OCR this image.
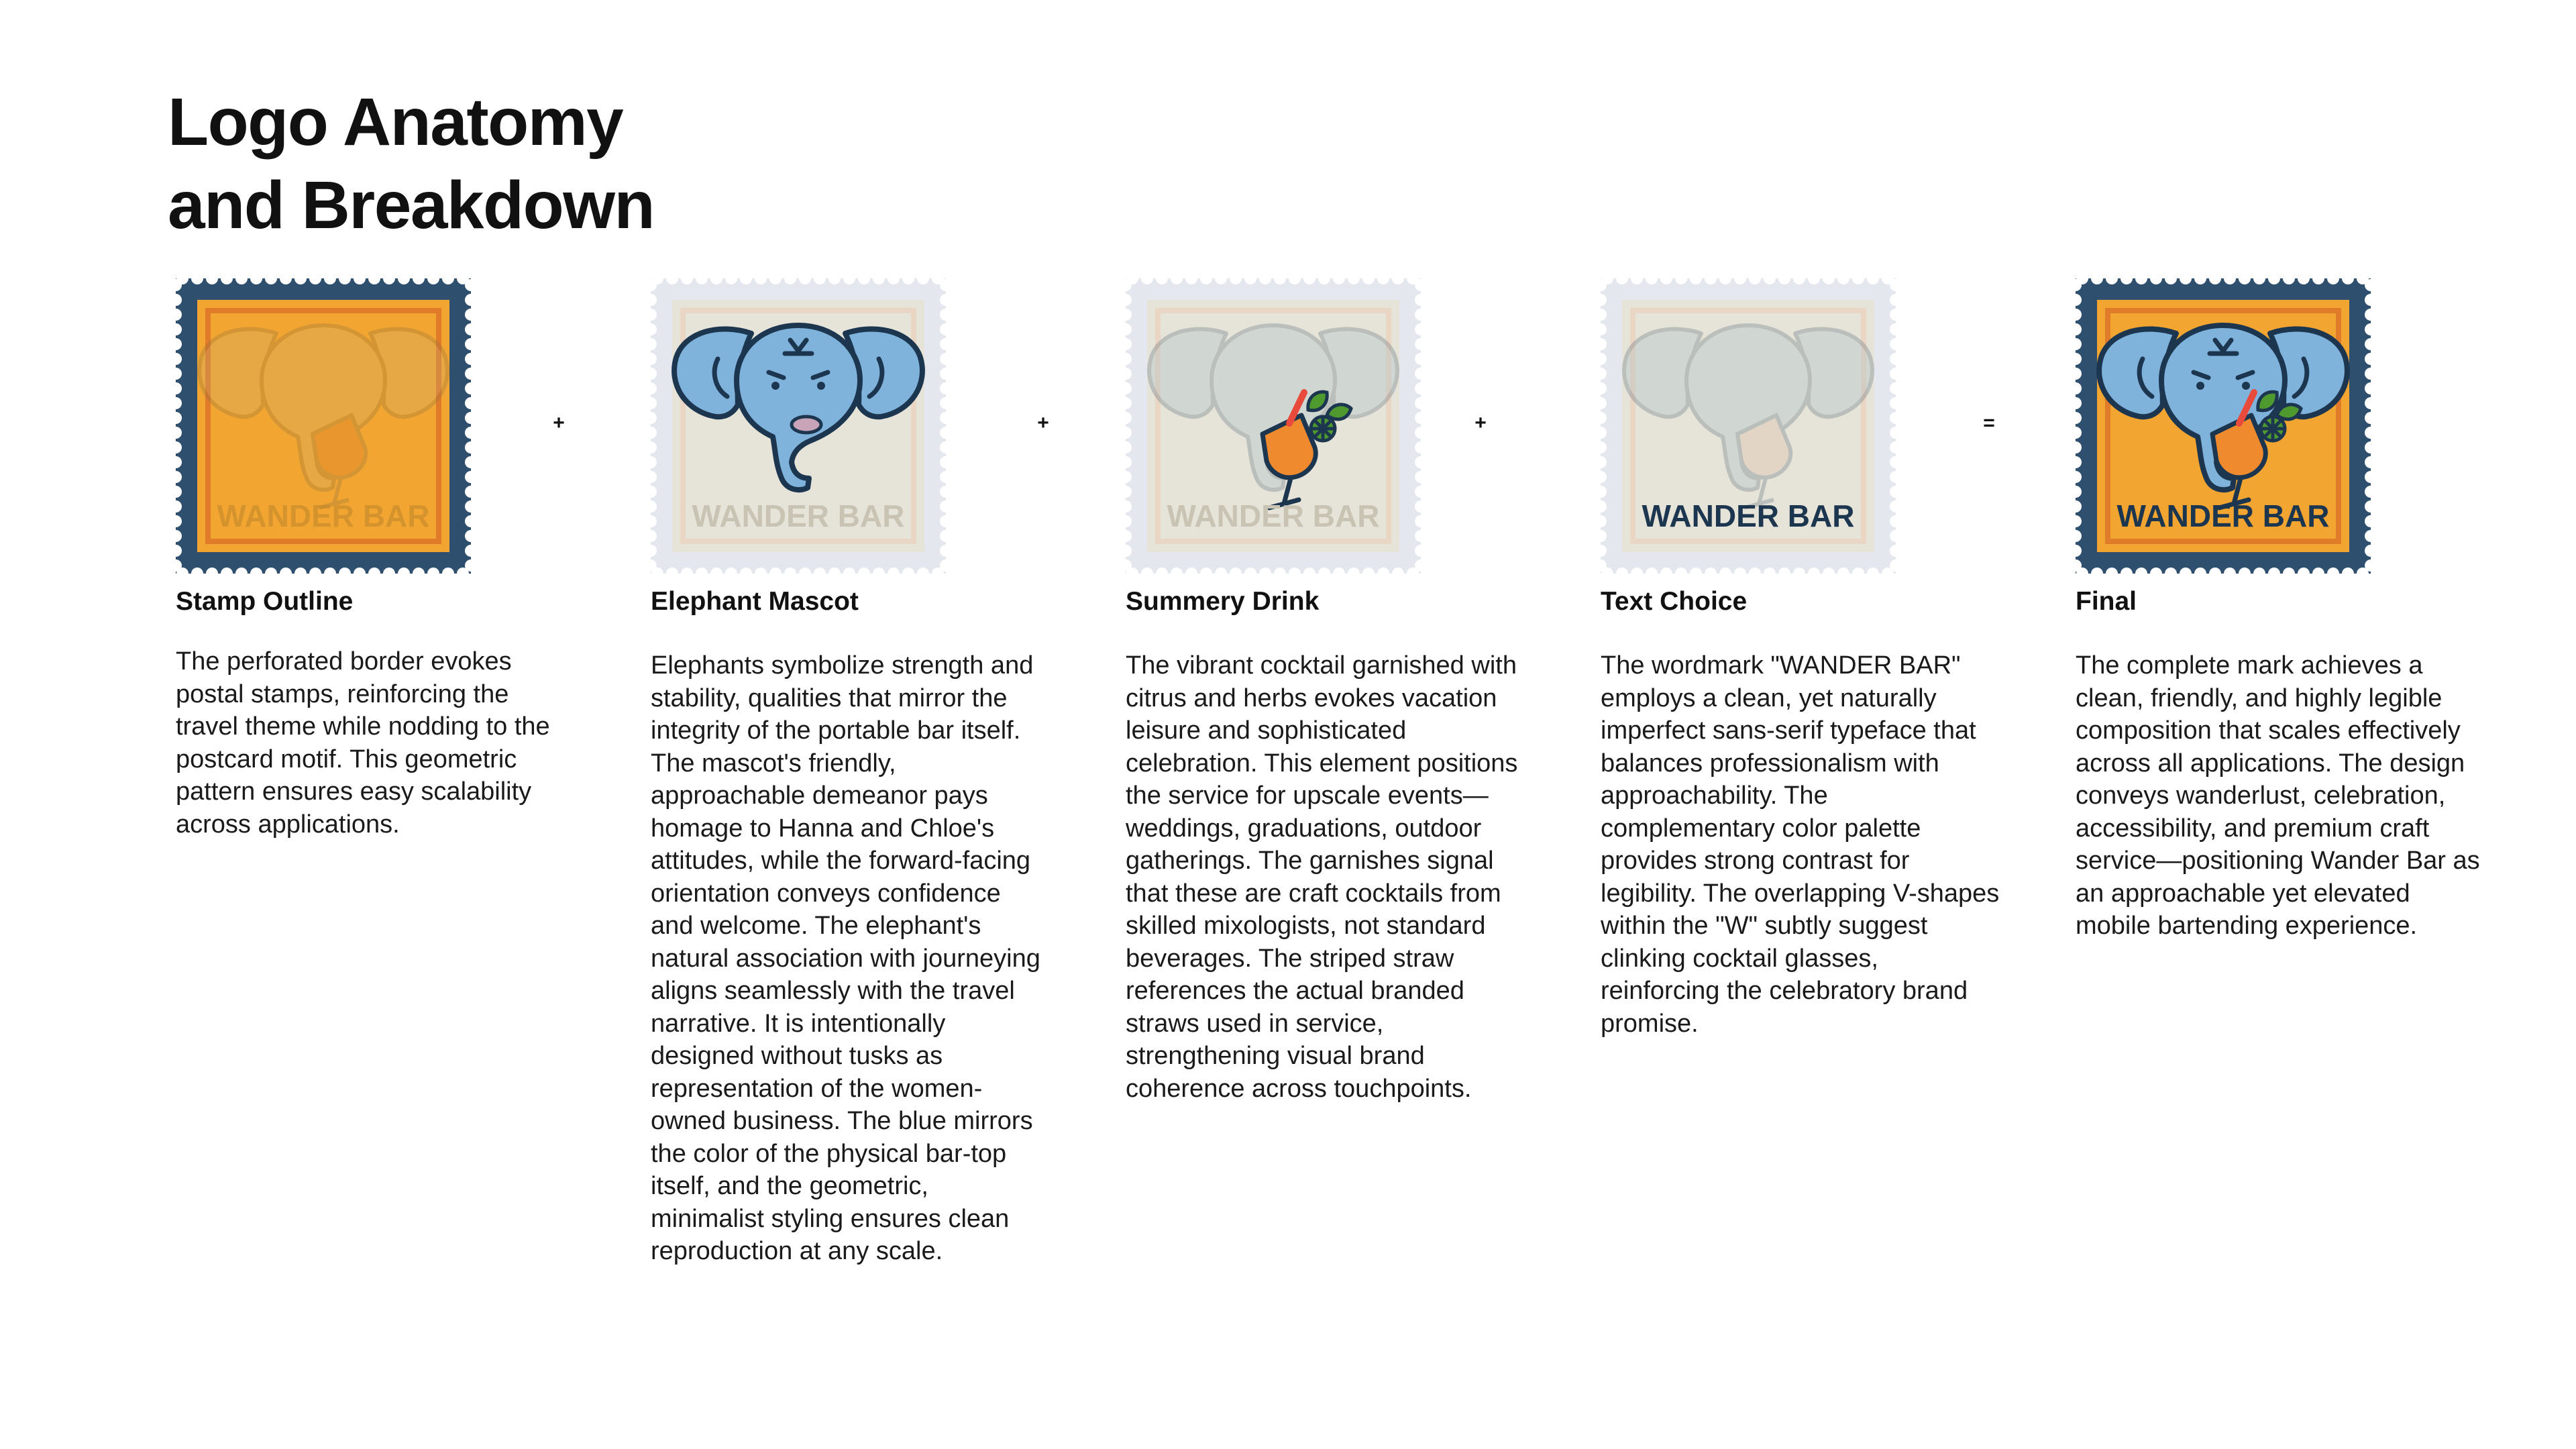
Logo Anatomy
and Breakdown
WANDER BAR
+
WANDER BAR
+
WANDER BAR
+
WANDER BAR
=
WANDER BAR
Stamp Outline	Elephant Mascot	Summery Drink	Text Choice	Final

The perforated border evokes postal stamps, reinforcing the travel theme while nodding to the postcard motif. This geometric pattern ensures easy scalability across applications.

Elephants symbolize strength and stability, qualities that mirror the integrity of the portable bar itself. The mascot's friendly, approachable demeanor pays homage to Hanna and Chloe's attitudes, while the forward-facing orientation conveys confidence and welcome. The elephant's natural association with journeying aligns seamlessly with the travel narrative. It is intentionally designed without tusks as representation of the women-owned business. The blue mirrors the color of the physical bar-top itself, and the geometric, minimalist styling ensures clean reproduction at any scale.

The vibrant cocktail garnished with citrus and herbs evokes vacation leisure and sophisticated celebration. This element positions the service for upscale events—weddings, graduations, outdoor gatherings. The garnishes signal that these are craft cocktails from skilled mixologists, not standard beverages. The striped straw references the actual branded straws used in service, strengthening visual brand coherence across touchpoints.

The wordmark "WANDER BAR" employs a clean, yet naturally imperfect sans-serif typeface that balances professionalism with approachability. The complementary color palette provides strong contrast for legibility. The overlapping V-shapes within the "W" subtly suggest clinking cocktail glasses, reinforcing the celebratory brand promise.

The complete mark achieves a clean, friendly, and highly legible composition that scales effectively across all applications. The design conveys wanderlust, celebration, accessibility, and premium craft service—positioning Wander Bar as an approachable yet elevated mobile bartending experience.
